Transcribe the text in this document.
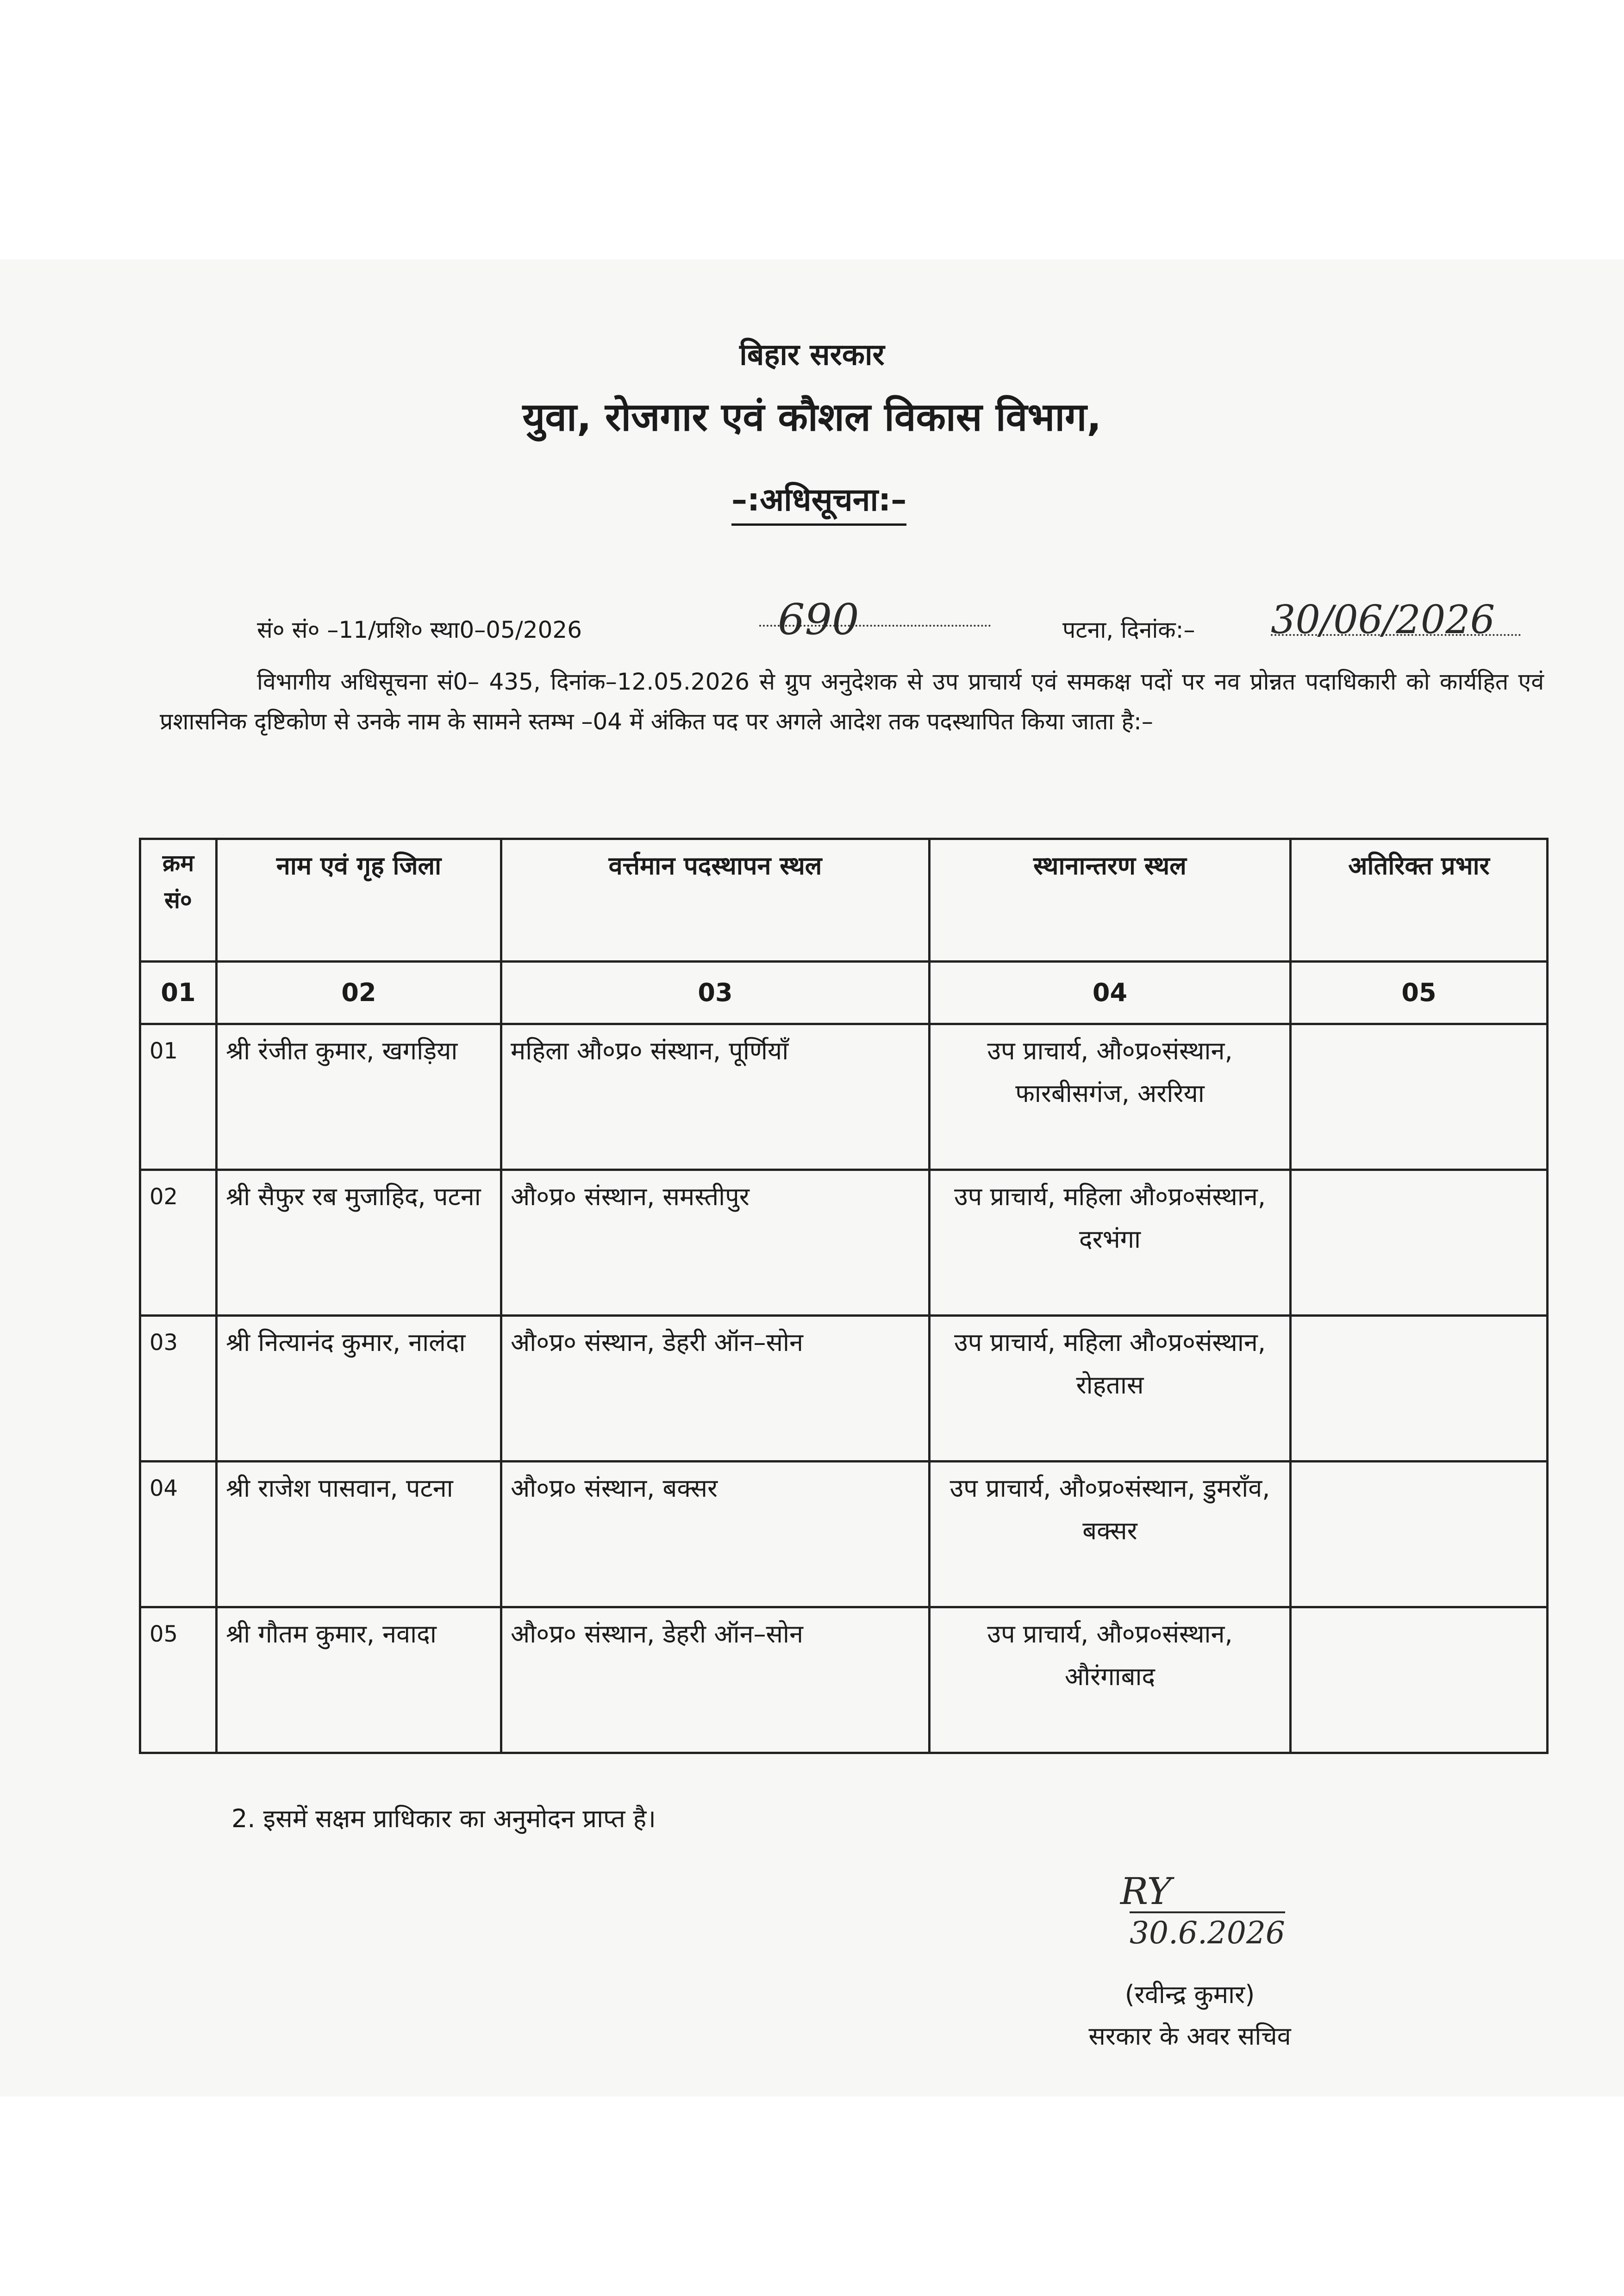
बिहार सरकार
युवा, रोजगार एवं कौशल विकास विभाग,
–:अधिसूचना:–
सं० सं० –11/प्रशि० स्था0–05/2026	690	पटना, दिनांक:– 30/06/2026
विभागीय अधिसूचना सं0– 435, दिनांक–12.05.2026 से ग्रुप अनुदेशक से उप प्राचार्य एवं समकक्ष पदों पर नव प्रोन्नत पदाधिकारी को कार्यहित एवं प्रशासनिक दृष्टिकोण से उनके नाम के सामने स्तम्भ –04 में अंकित पद पर अगले आदेश तक पदस्थापित किया जाता है:–
क्रम सं०	नाम एवं गृह जिला	वर्त्तमान पदस्थापन स्थल	स्थानान्तरण स्थल	अतिरिक्त प्रभार
01	02	03	04	05
01	श्री रंजीत कुमार, खगड़िया	महिला औ०प्र० संस्थान, पूर्णियाँ	उप प्राचार्य, औ०प्र०संस्थान, फारबीसगंज, अररिया	
02	श्री सैफुर रब मुजाहिद, पटना	औ०प्र० संस्थान, समस्तीपुर	उप प्राचार्य, महिला औ०प्र०संस्थान, दरभंगा	
03	श्री नित्यानंद कुमार, नालंदा	औ०प्र० संस्थान, डेहरी ऑन–सोन	उप प्राचार्य, महिला औ०प्र०संस्थान, रोहतास	
04	श्री राजेश पासवान, पटना	औ०प्र० संस्थान, बक्सर	उप प्राचार्य, औ०प्र०संस्थान, डुमराँव, बक्सर	
05	श्री गौतम कुमार, नवादा	औ०प्र० संस्थान, डेहरी ऑन–सोन	उप प्राचार्य, औ०प्र०संस्थान, औरंगाबाद	
2. इसमें सक्षम प्राधिकार का अनुमोदन प्राप्त है।
RY
30.6.2026
(रवीन्द्र कुमार)
सरकार के अवर सचिव
